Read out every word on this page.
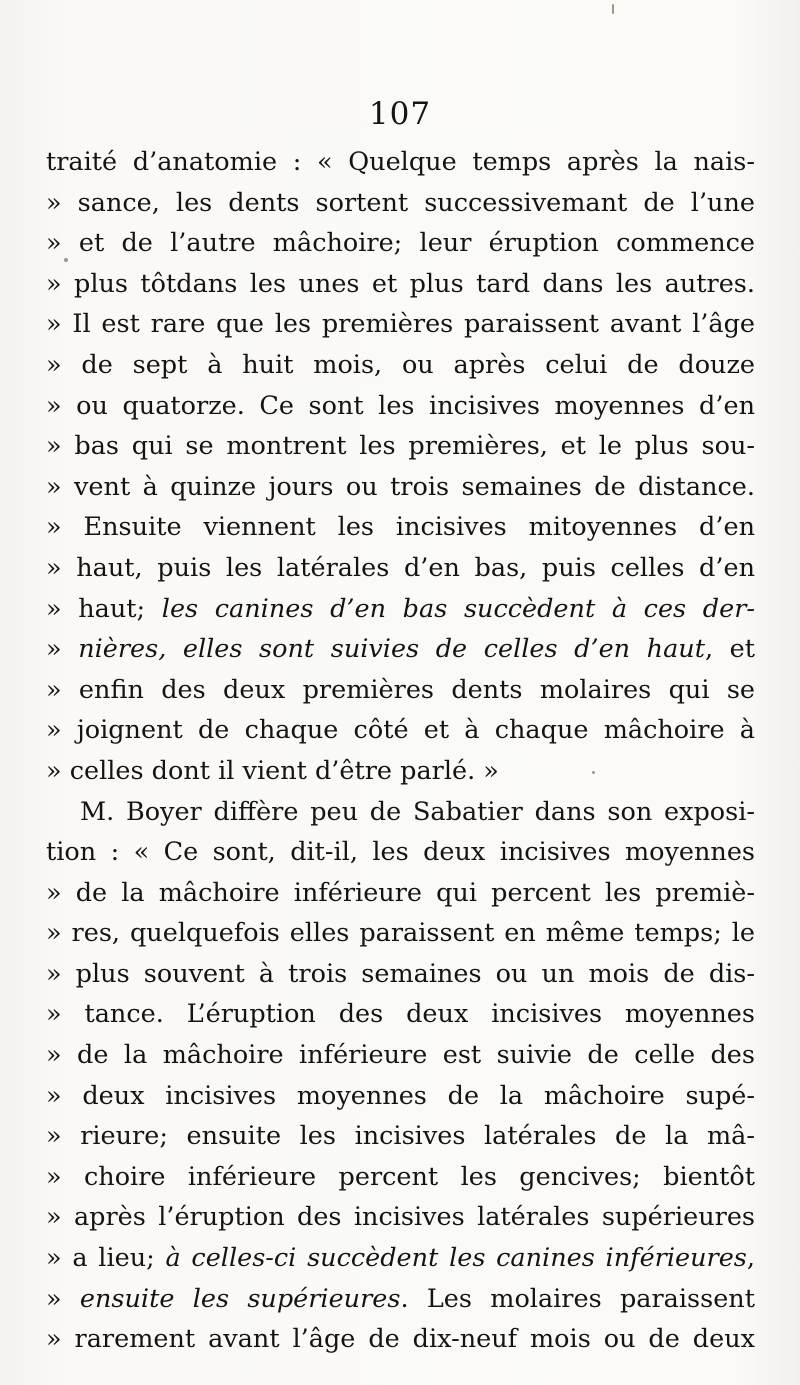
107
traité d’anatomie : « Quelque temps après la nais-
» sance, les dents sortent successivemant de l’une
» et de l’autre mâchoire; leur éruption commence
» plus tôtdans les unes et plus tard dans les autres.
» Il est rare que les premières paraissent avant l’âge
» de sept à huit mois, ou après celui de douze
» ou quatorze. Ce sont les incisives moyennes d’en
» bas qui se montrent les premières, et le plus sou-
» vent à quinze jours ou trois semaines de distance.
» Ensuite viennent les incisives mitoyennes d’en
» haut, puis les latérales d’en bas, puis celles d’en
» haut; les canines d’en bas succèdent à ces der-
» nières, elles sont suivies de celles d’en haut, et
» enfin des deux premières dents molaires qui se
» joignent de chaque côté et à chaque mâchoire à
» celles dont il vient d’être parlé. »
M. Boyer diffère peu de Sabatier dans son exposi-
tion : « Ce sont, dit-il, les deux incisives moyennes
» de la mâchoire inférieure qui percent les premiè-
» res, quelquefois elles paraissent en même temps; le
» plus souvent à trois semaines ou un mois de dis-
» tance. L’éruption des deux incisives moyennes
» de la mâchoire inférieure est suivie de celle des
» deux incisives moyennes de la mâchoire supé-
» rieure; ensuite les incisives latérales de la mâ-
» choire inférieure percent les gencives; bientôt
» après l’éruption des incisives latérales supérieures
» a lieu; à celles-ci succèdent les canines inférieures,
» ensuite les supérieures. Les molaires paraissent
» rarement avant l’âge de dix-neuf mois ou de deux
